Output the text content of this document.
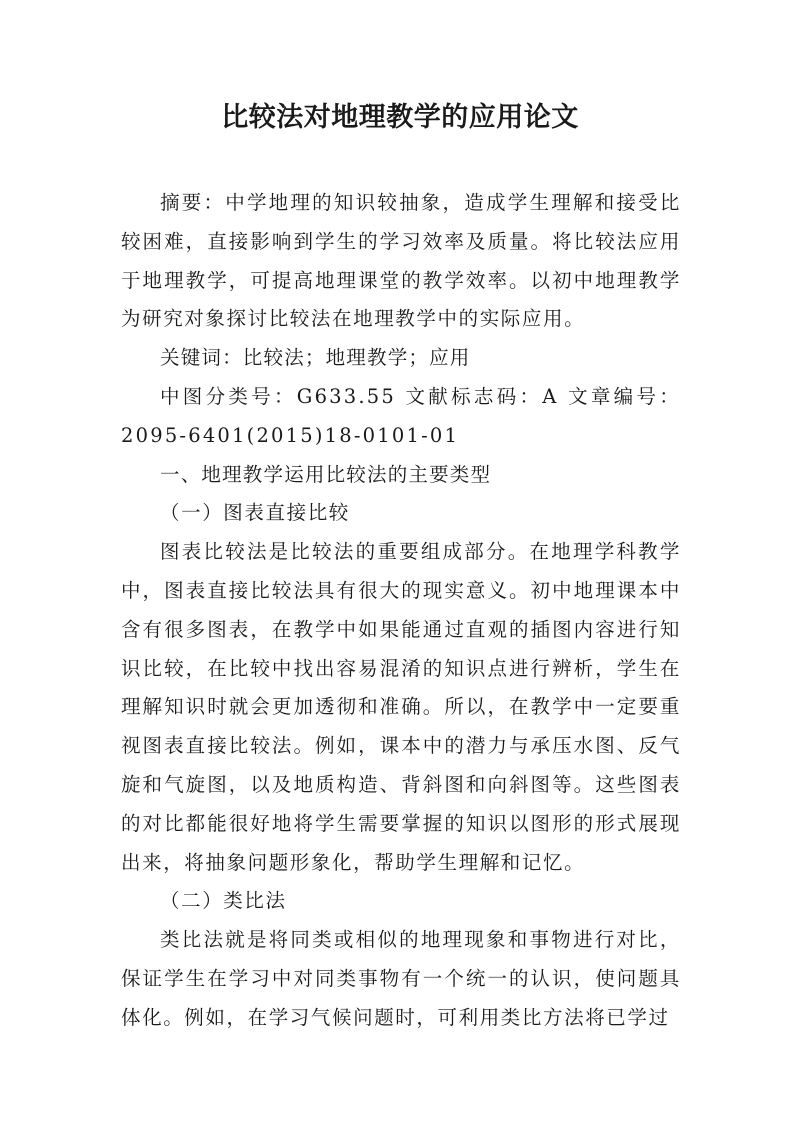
比较法对地理教学的应用论文

摘要：中学地理的知识较抽象，造成学生理解和接受比较困难，直接影响到学生的学习效率及质量。将比较法应用于地理教学，可提高地理课堂的教学效率。以初中地理教学为研究对象探讨比较法在地理教学中的实际应用。

关键词：比较法；地理教学；应用

中图分类号：G633.55 文献标志码：A 文章编号：2095-6401(2015)18-0101-01

一、地理教学运用比较法的主要类型

（一）图表直接比较

图表比较法是比较法的重要组成部分。在地理学科教学中，图表直接比较法具有很大的现实意义。初中地理课本中含有很多图表，在教学中如果能通过直观的插图内容进行知识比较，在比较中找出容易混淆的知识点进行辨析，学生在理解知识时就会更加透彻和准确。所以，在教学中一定要重视图表直接比较法。例如，课本中的潜力与承压水图、反气旋和气旋图，以及地质构造、背斜图和向斜图等。这些图表的对比都能很好地将学生需要掌握的知识以图形的形式展现出来，将抽象问题形象化，帮助学生理解和记忆。

（二）类比法

类比法就是将同类或相似的地理现象和事物进行对比，保证学生在学习中对同类事物有一个统一的认识，使问题具体化。例如，在学习气候问题时，可利用类比方法将已学过
